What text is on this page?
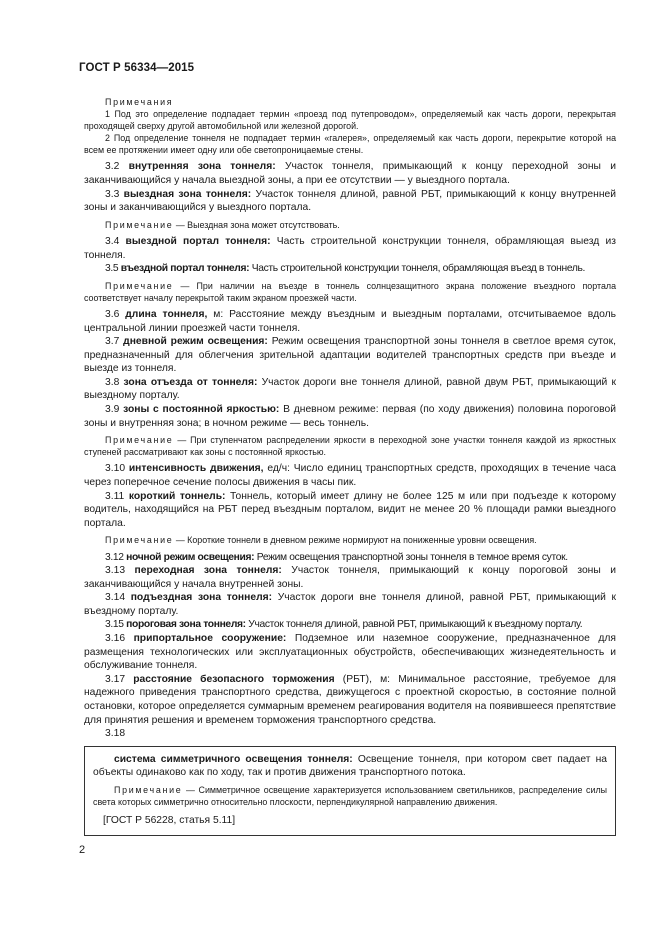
ГОСТ Р 56334—2015

Примечания

1 Под это определение подпадает термин «проезд под путепроводом», определяемый как часть дороги, перекрытая проходящей сверху другой автомобильной или железной дорогой.

2 Под определение тоннеля не подпадает термин «галерея», определяемый как часть дороги, перекрытие которой на всем ее протяжении имеет одну или обе светопроницаемые стены.

3.2 внутренняя зона тоннеля: Участок тоннеля, примыкающий к концу переходной зоны и заканчивающийся у начала выездной зоны, а при ее отсутствии — у выездного портала.

3.3 выездная зона тоннеля: Участок тоннеля длиной, равной РБТ, примыкающий к концу внутренней зоны и заканчивающийся у выездного портала.

Примечание — Выездная зона может отсутствовать.

3.4 выездной портал тоннеля: Часть строительной конструкции тоннеля, обрамляющая выезд из тоннеля.

3.5 въездной портал тоннеля: Часть строительной конструкции тоннеля, обрамляющая въезд в тоннель.

Примечание — При наличии на въезде в тоннель солнцезащитного экрана положение въездного портала соответствует началу перекрытой таким экраном проезжей части.

3.6 длина тоннеля, м: Расстояние между въездным и выездным порталами, отсчитываемое вдоль центральной линии проезжей части тоннеля.

3.7 дневной режим освещения: Режим освещения транспортной зоны тоннеля в светлое время суток, предназначенный для облегчения зрительной адаптации водителей транспортных средств при въезде и выезде из тоннеля.

3.8 зона отъезда от тоннеля: Участок дороги вне тоннеля длиной, равной двум РБТ, примыкающий к выездному порталу.

3.9 зоны с постоянной яркостью: В дневном режиме: первая (по ходу движения) половина пороговой зоны и внутренняя зона; в ночном режиме — весь тоннель.

Примечание — При ступенчатом распределении яркости в переходной зоне участки тоннеля каждой из яркостных ступеней рассматривают как зоны с постоянной яркостью.

3.10 интенсивность движения, ед/ч: Число единиц транспортных средств, проходящих в течение часа через поперечное сечение полосы движения в часы пик.

3.11 короткий тоннель: Тоннель, который имеет длину не более 125 м или при подъезде к которому водитель, находящийся на РБТ перед въездным порталом, видит не менее 20 % площади рамки выездного портала.

Примечание — Короткие тоннели в дневном режиме нормируют на пониженные уровни освещения.

3.12 ночной режим освещения: Режим освещения транспортной зоны тоннеля в темное время суток.

3.13 переходная зона тоннеля: Участок тоннеля, примыкающий к концу пороговой зоны и заканчивающийся у начала внутренней зоны.

3.14 подъездная зона тоннеля: Участок дороги вне тоннеля длиной, равной РБТ, примыкающий к въездному порталу.

3.15 пороговая зона тоннеля: Участок тоннеля длиной, равной РБТ, примыкающий к въездному порталу.

3.16 припортальное сооружение: Подземное или наземное сооружение, предназначенное для размещения технологических или эксплуатационных обустройств, обеспечивающих жизнедеятельность и обслуживание тоннеля.

3.17 расстояние безопасного торможения (РБТ), м: Минимальное расстояние, требуемое для надежного приведения транспортного средства, движущегося с проектной скоростью, в состояние полной остановки, которое определяется суммарным временем реагирования водителя на появившееся препятствие для принятия решения и временем торможения транспортного средства.

3.18

система симметричного освещения тоннеля: Освещение тоннеля, при котором свет падает на объекты одинаково как по ходу, так и против движения транспортного потока.

Примечание — Симметричное освещение характеризуется использованием светильников, распределение силы света которых симметрично относительно плоскости, перпендикулярной направлению движения.

[ГОСТ Р 56228, статья 5.11]

2
